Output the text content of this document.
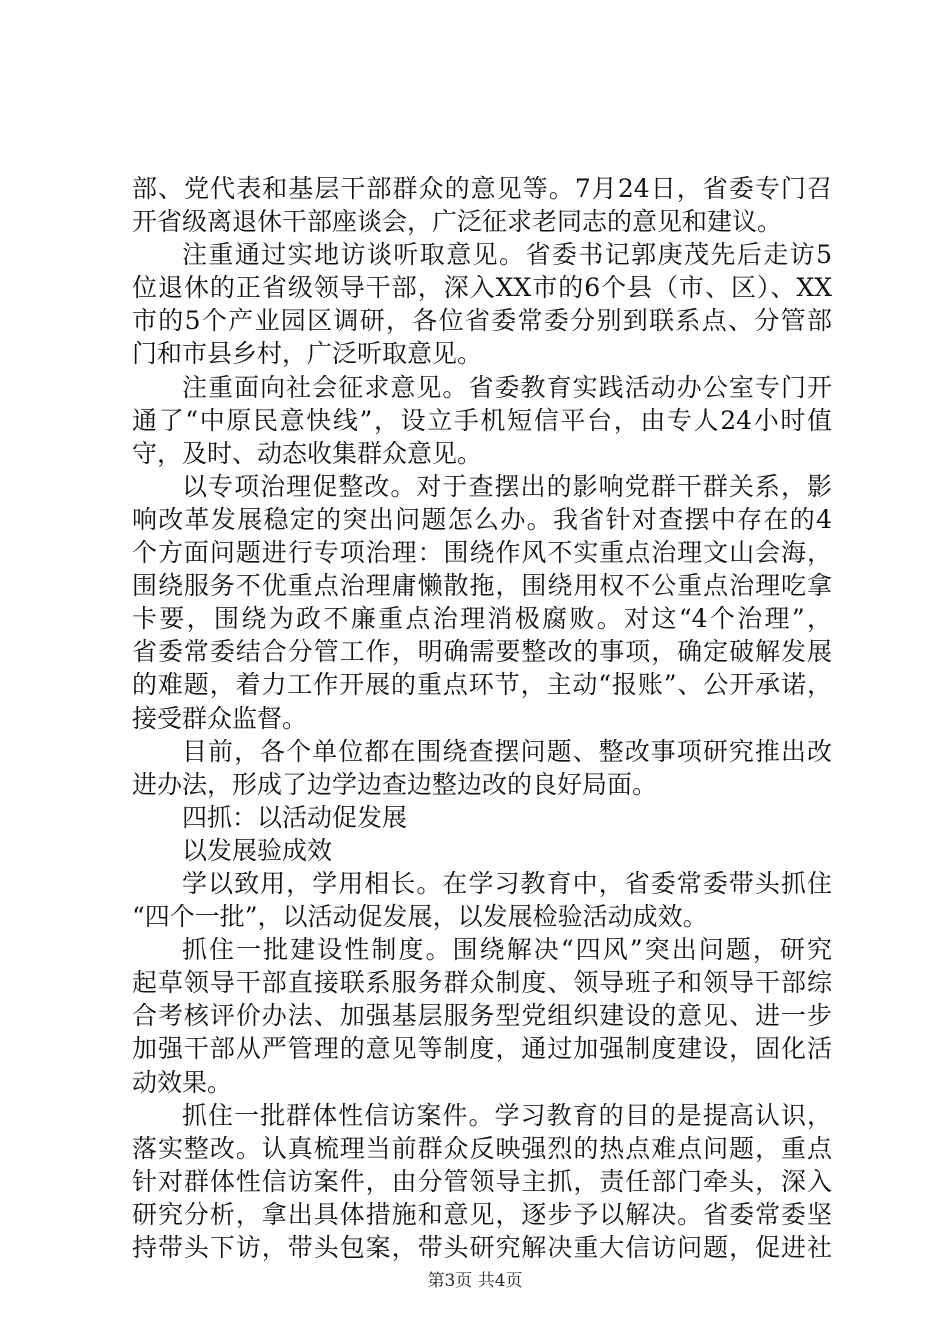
部、党代表和基层干部群众的意见等。7月24日，省委专门召
开省级离退休干部座谈会，广泛征求老同志的意见和建议。
注重通过实地访谈听取意见。省委书记郭庚茂先后走访5
位退休的正省级领导干部，深入XX市的6个县（市、区）、XX
市的5个产业园区调研，各位省委常委分别到联系点、分管部
门和市县乡村，广泛听取意见。
注重面向社会征求意见。省委教育实践活动办公室专门开
通了“中原民意快线”，设立手机短信平台，由专人24小时值
守，及时、动态收集群众意见。
以专项治理促整改。对于查摆出的影响党群干群关系，影
响改革发展稳定的突出问题怎么办。我省针对查摆中存在的4
个方面问题进行专项治理：围绕作风不实重点治理文山会海，
围绕服务不优重点治理庸懒散拖，围绕用权不公重点治理吃拿
卡要，围绕为政不廉重点治理消极腐败。对这“4个治理”，
省委常委结合分管工作，明确需要整改的事项，确定破解发展
的难题，着力工作开展的重点环节，主动“报账”、公开承诺，
接受群众监督。
目前，各个单位都在围绕查摆问题、整改事项研究推出改
进办法，形成了边学边查边整边改的良好局面。
四抓：以活动促发展
以发展验成效
学以致用，学用相长。在学习教育中，省委常委带头抓住
“四个一批”，以活动促发展，以发展检验活动成效。
抓住一批建设性制度。围绕解决“四风”突出问题，研究
起草领导干部直接联系服务群众制度、领导班子和领导干部综
合考核评价办法、加强基层服务型党组织建设的意见、进一步
加强干部从严管理的意见等制度，通过加强制度建设，固化活
动效果。
抓住一批群体性信访案件。学习教育的目的是提高认识，
落实整改。认真梳理当前群众反映强烈的热点难点问题，重点
针对群体性信访案件，由分管领导主抓，责任部门牵头，深入
研究分析，拿出具体措施和意见，逐步予以解决。省委常委坚
持带头下访，带头包案，带头研究解决重大信访问题，促进社
第3页 共4页
